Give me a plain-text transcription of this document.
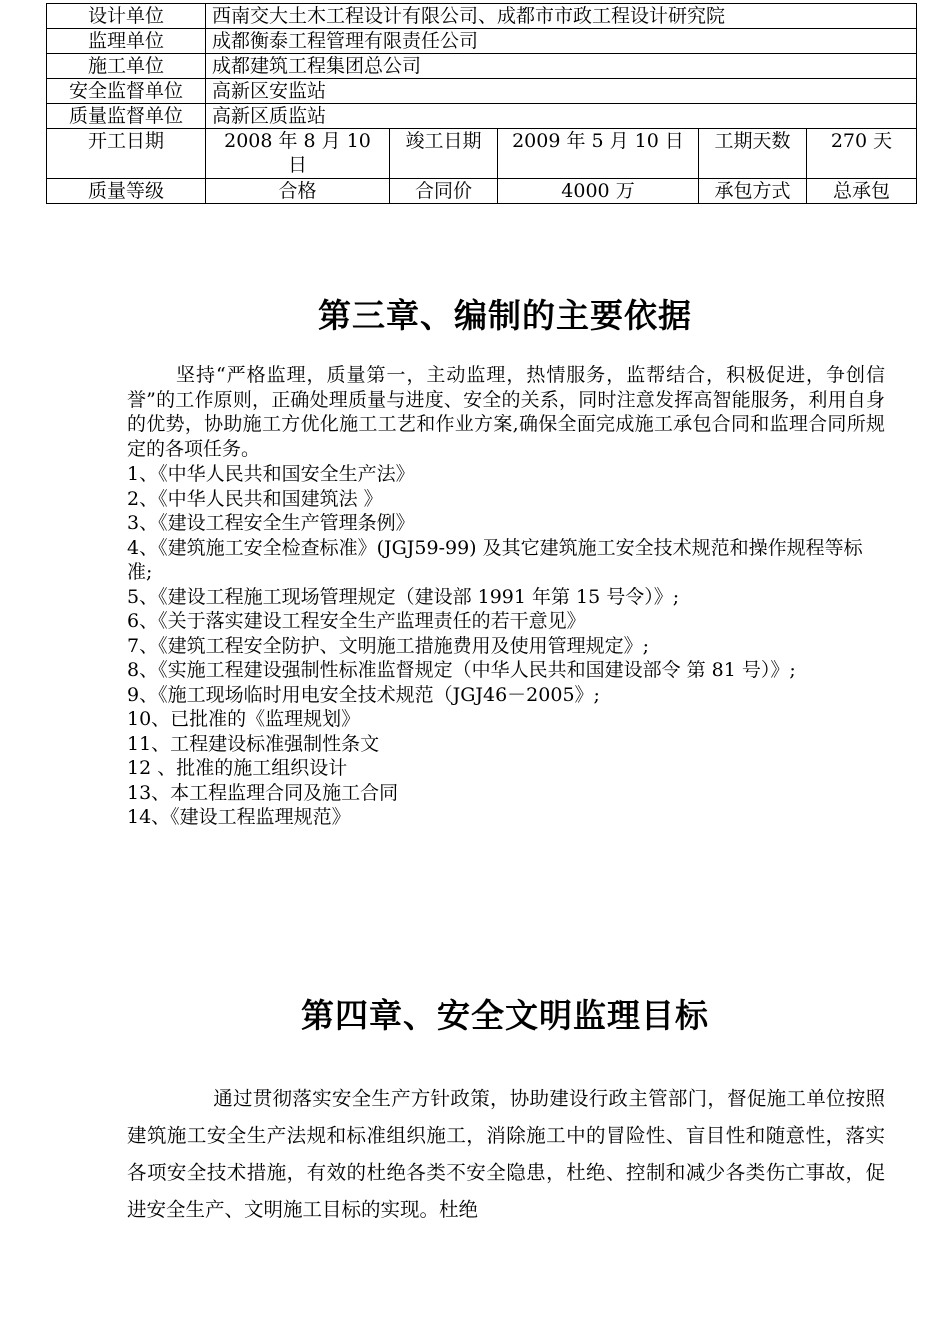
设计单位	西南交大土木工程设计有限公司、成都市市政工程设计研究院				
监理单位	成都衡泰工程管理有限责任公司				
施工单位	成都建筑工程集团总公司				
安全监督单位	高新区安监站				
质量监督单位	高新区质监站				
开工日期	2008 年 8 月 10 日	竣工日期	2009 年 5 月 10 日	工期天数	270 天
质量等级	合格	合同价	4000 万	承包方式	总承包
第三章、编制的主要依据

坚持“严格监理，质量第一，主动监理，热情服务，监帮结合，积极促进，争创信誉”的工作原则，正确处理质量与进度、安全的关系，同时注意发挥高智能服务，利用自身的优势，协助施工方优化施工工艺和作业方案,确保全面完成施工承包合同和监理合同所规定的各项任务。

1、《中华人民共和国安全生产法》
2、《中华人民共和国建筑法 》
3、《建设工程安全生产管理条例》
4、《建筑施工安全检查标准》(JGJ59-99) 及其它建筑施工安全技术规范和操作规程等标准;
5、《建设工程施工现场管理规定（建设部 1991 年第 15 号令）》;
6、《关于落实建设工程安全生产监理责任的若干意见》
7、《建筑工程安全防护、文明施工措施费用及使用管理规定》;
8、《实施工程建设强制性标准监督规定（中华人民共和国建设部令 第 81 号）》;
9、《施工现场临时用电安全技术规范（JGJ46－2005》;
10、已批准的《监理规划》
11、工程建设标准强制性条文
12 、批准的施工组织设计
13、本工程监理合同及施工合同
14、《建设工程监理规范》
第四章、安全文明监理目标

通过贯彻落实安全生产方针政策，协助建设行政主管部门，督促施工单位按照建筑施工安全生产法规和标准组织施工，消除施工中的冒险性、盲目性和随意性，落实各项安全技术措施，有效的杜绝各类不安全隐患，杜绝、控制和减少各类伤亡事故，促进安全生产、文明施工目标的实现。杜绝
